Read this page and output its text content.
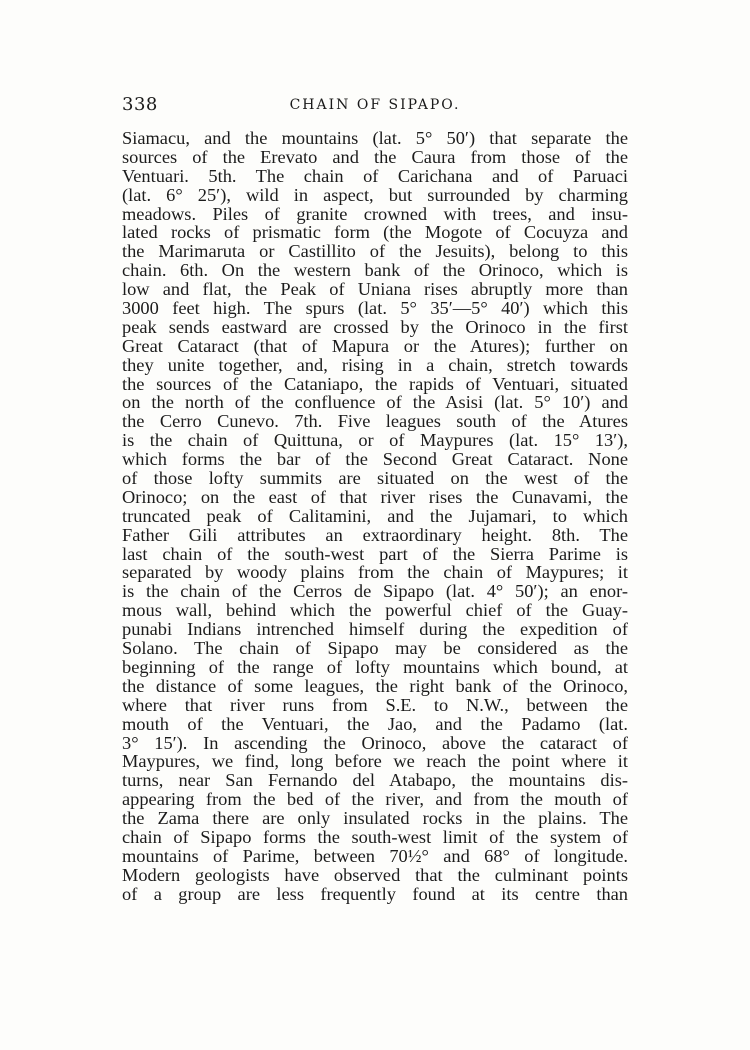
338	CHAIN OF SIPAPO.
Siamacu, and the mountains (lat. 5° 50′) that separate the
sources of the Erevato and the Caura from those of the
Ventuari. 5th. The chain of Carichana and of Paruaci
(lat. 6° 25′), wild in aspect, but surrounded by charming
meadows. Piles of granite crowned with trees, and insu-
lated rocks of prismatic form (the Mogote of Cocuyza and
the Marimaruta or Castillito of the Jesuits), belong to this
chain. 6th. On the western bank of the Orinoco, which is
low and flat, the Peak of Uniana rises abruptly more than
3000 feet high. The spurs (lat. 5° 35′—5° 40′) which this
peak sends eastward are crossed by the Orinoco in the first
Great Cataract (that of Mapura or the Atures); further on
they unite together, and, rising in a chain, stretch towards
the sources of the Cataniapo, the rapids of Ventuari, situated
on the north of the confluence of the Asisi (lat. 5° 10′) and
the Cerro Cunevo. 7th. Five leagues south of the Atures
is the chain of Quittuna, or of Maypures (lat. 15° 13′),
which forms the bar of the Second Great Cataract. None
of those lofty summits are situated on the west of the
Orinoco; on the east of that river rises the Cunavami, the
truncated peak of Calitamini, and the Jujamari, to which
Father Gili attributes an extraordinary height. 8th. The
last chain of the south-west part of the Sierra Parime is
separated by woody plains from the chain of Maypures; it
is the chain of the Cerros de Sipapo (lat. 4° 50′); an enor-
mous wall, behind which the powerful chief of the Guay-
punabi Indians intrenched himself during the expedition of
Solano. The chain of Sipapo may be considered as the
beginning of the range of lofty mountains which bound, at
the distance of some leagues, the right bank of the Orinoco,
where that river runs from S.E. to N.W., between the
mouth of the Ventuari, the Jao, and the Padamo (lat.
3° 15′). In ascending the Orinoco, above the cataract of
Maypures, we find, long before we reach the point where it
turns, near San Fernando del Atabapo, the mountains dis-
appearing from the bed of the river, and from the mouth of
the Zama there are only insulated rocks in the plains. The
chain of Sipapo forms the south-west limit of the system of
mountains of Parime, between 70½° and 68° of longitude.
Modern geologists have observed that the culminant points
of a group are less frequently found at its centre than
